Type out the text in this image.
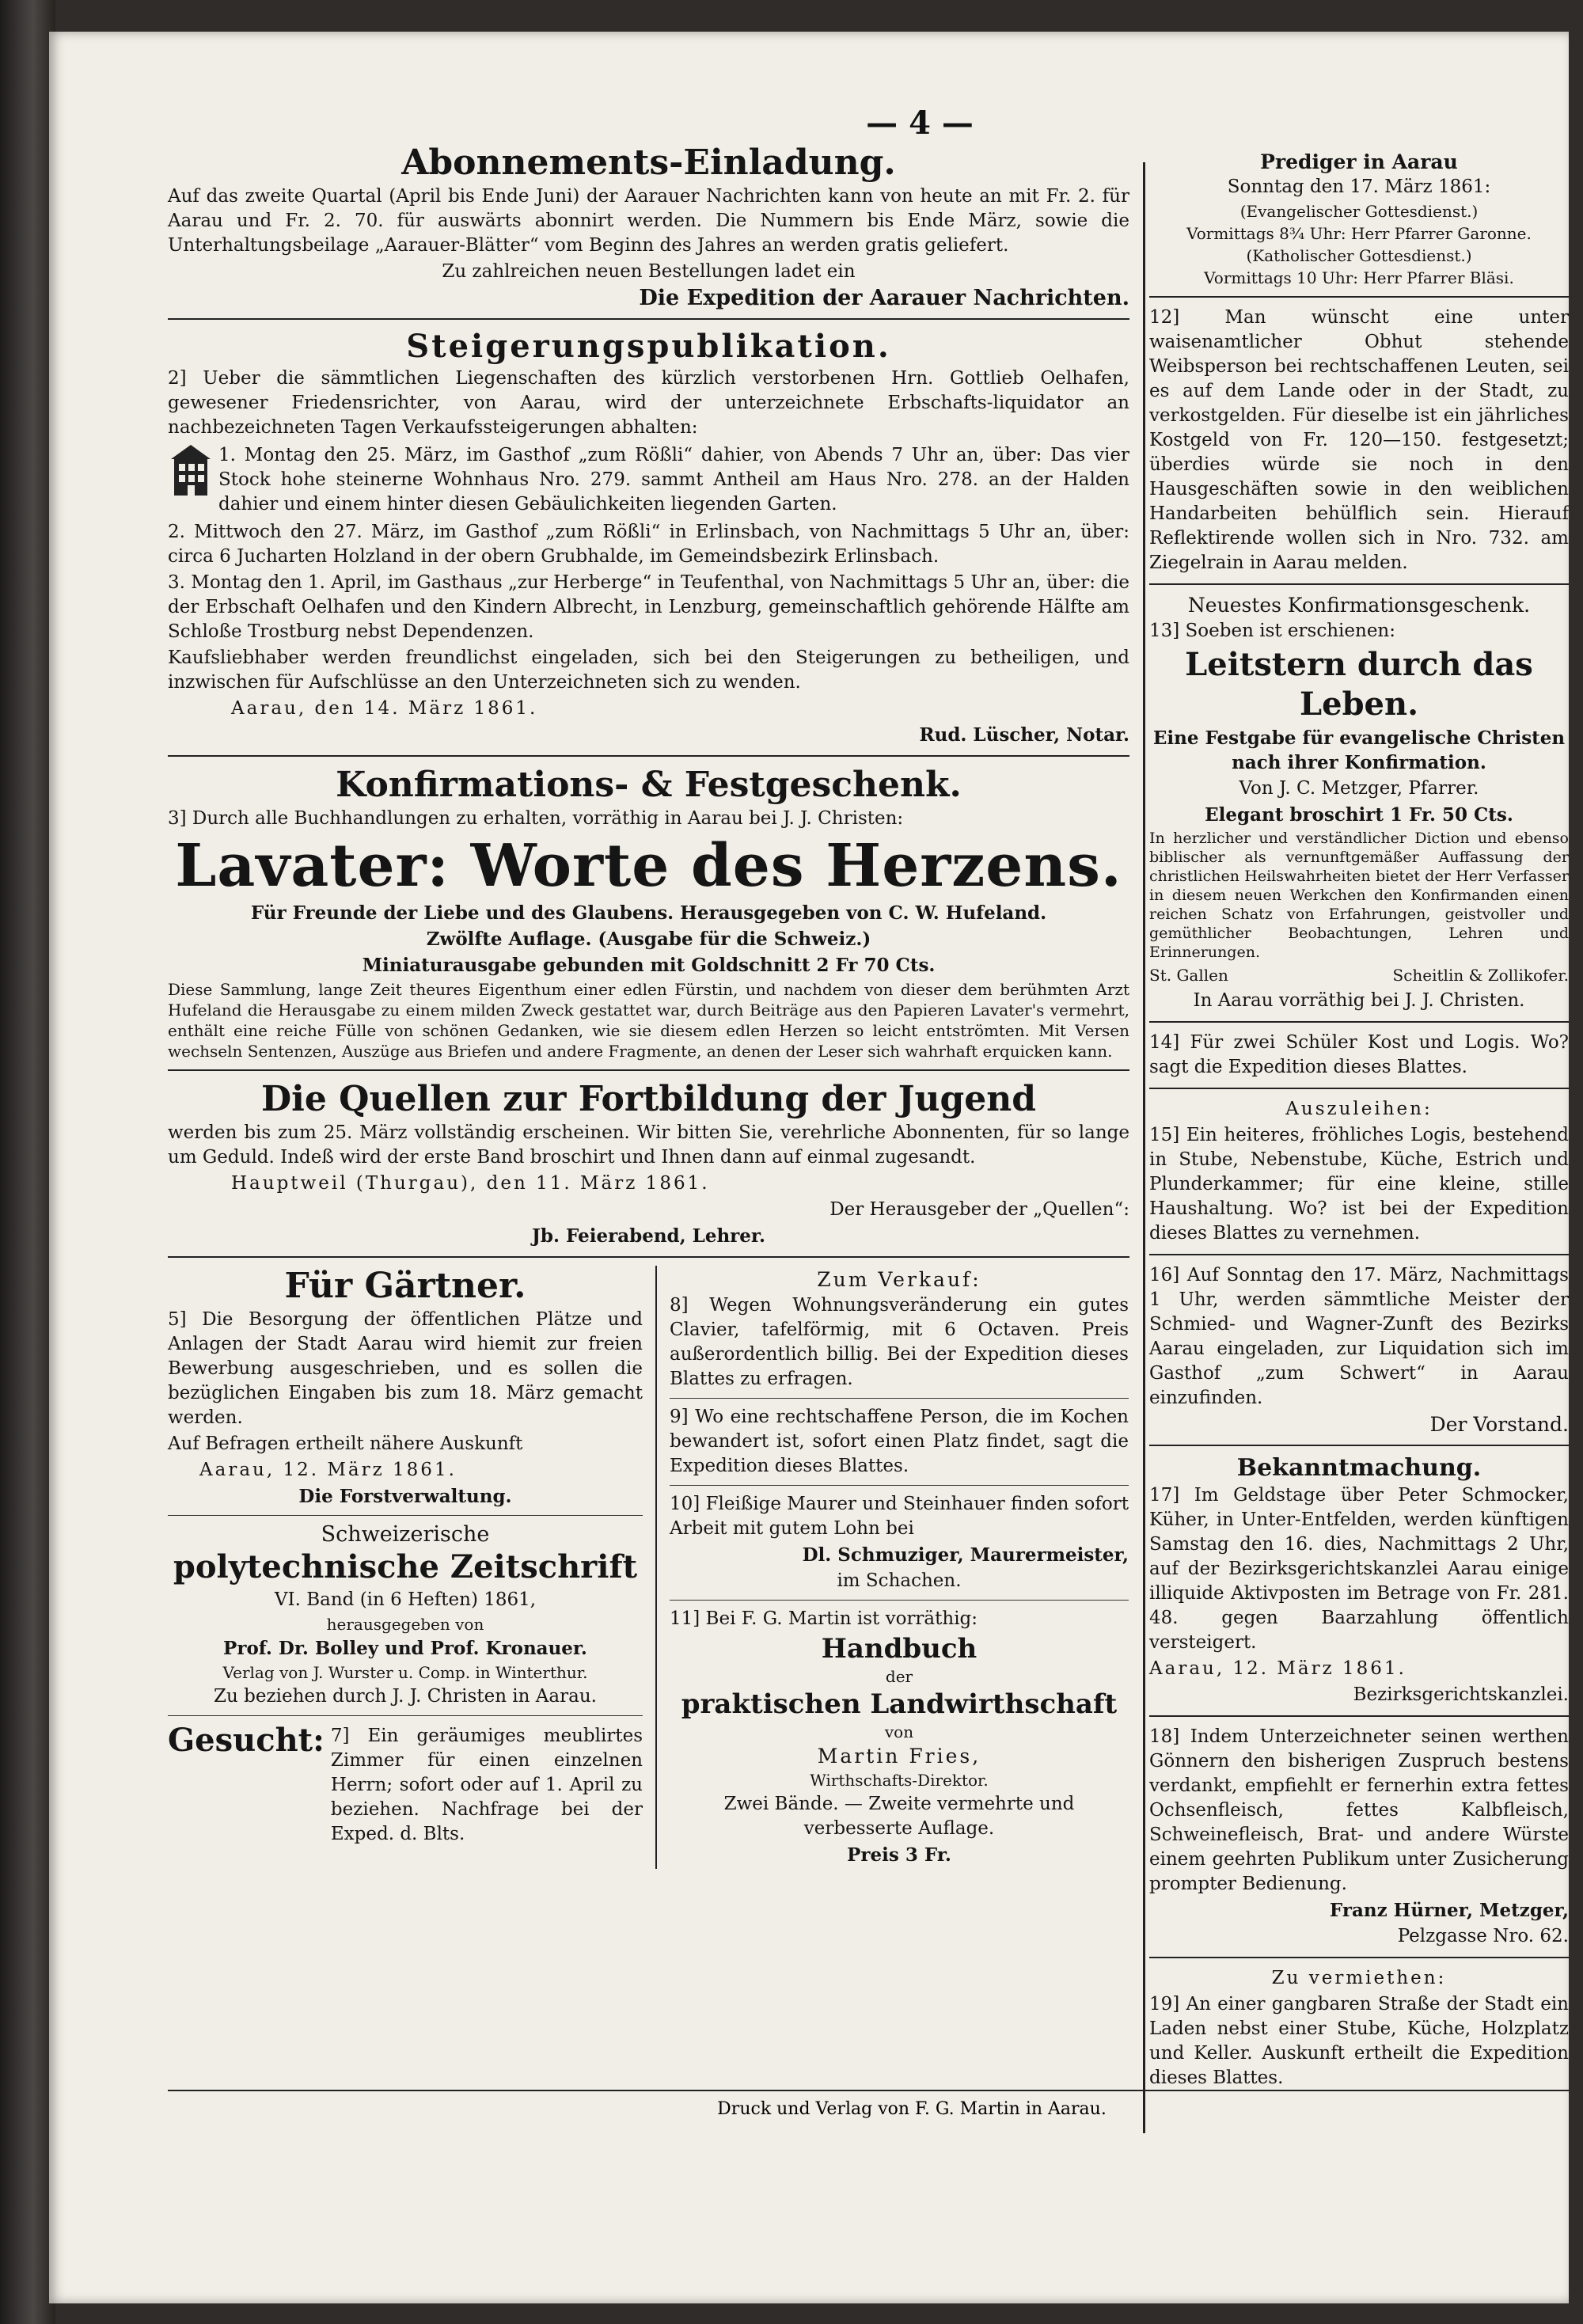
— 4 —
Abonnements-Einladung.

Auf das zweite Quartal (April bis Ende Juni) der Aarauer Nachrichten kann von heute an mit Fr. 2. für Aarau und Fr. 2. 70. für auswärts abonnirt werden. Die Nummern bis Ende März, sowie die Unterhaltungsbeilage „Aarauer-Blätter“ vom Beginn des Jahres an werden gratis geliefert.

Zu zahlreichen neuen Bestellungen ladet ein

Die Expedition der Aarauer Nachrichten.

Steigerungspublikation.

2] Ueber die sämmtlichen Liegenschaften des kürzlich verstorbenen Hrn. Gottlieb Oelhafen, gewesener Friedensrichter, von Aarau, wird der unterzeichnete Erbschafts-liquidator an nachbezeichneten Tagen Verkaufssteigerungen abhalten:

1. Montag den 25. März, im Gasthof „zum Rößli“ dahier, von Abends 7 Uhr an, über: Das vier Stock hohe steinerne Wohnhaus Nro. 279. sammt Antheil am Haus Nro. 278. an der Halden dahier und einem hinter diesen Gebäulichkeiten liegenden Garten.

2. Mittwoch den 27. März, im Gasthof „zum Rößli“ in Erlinsbach, von Nachmittags 5 Uhr an, über: circa 6 Jucharten Holzland in der obern Grubhalde, im Gemeindsbezirk Erlinsbach.

3. Montag den 1. April, im Gasthaus „zur Herberge“ in Teufenthal, von Nachmittags 5 Uhr an, über: die der Erbschaft Oelhafen und den Kindern Albrecht, in Lenzburg, gemeinschaftlich gehörende Hälfte am Schloße Trostburg nebst Dependenzen.

Kaufsliebhaber werden freundlichst eingeladen, sich bei den Steigerungen zu betheiligen, und inzwischen für Aufschlüsse an den Unterzeichneten sich zu wenden.

Aarau, den 14. März 1861.

Rud. Lüscher, Notar.

Konfirmations- & Festgeschenk.

3] Durch alle Buchhandlungen zu erhalten, vorräthig in Aarau bei J. J. Christen:

Lavater: Worte des Herzens.

Für Freunde der Liebe und des Glaubens. Herausgegeben von C. W. Hufeland.

Zwölfte Auflage. (Ausgabe für die Schweiz.)

Miniaturausgabe gebunden mit Goldschnitt 2 Fr 70 Cts.

Diese Sammlung, lange Zeit theures Eigenthum einer edlen Fürstin, und nachdem von dieser dem berühmten Arzt Hufeland die Herausgabe zu einem milden Zweck gestattet war, durch Beiträge aus den Papieren Lavater's vermehrt, enthält eine reiche Fülle von schönen Gedanken, wie sie diesem edlen Herzen so leicht entströmten. Mit Versen wechseln Sentenzen, Auszüge aus Briefen und andere Fragmente, an denen der Leser sich wahrhaft erquicken kann.

Die Quellen zur Fortbildung der Jugend

werden bis zum 25. März vollständig erscheinen. Wir bitten Sie, verehrliche Abonnenten, für so lange um Geduld. Indeß wird der erste Band broschirt und Ihnen dann auf einmal zugesandt.

Hauptweil (Thurgau), den 11. März 1861.

Der Herausgeber der „Quellen“:

Jb. Feierabend, Lehrer.

Für Gärtner.

5] Die Besorgung der öffentlichen Plätze und Anlagen der Stadt Aarau wird hiemit zur freien Bewerbung ausgeschrieben, und es sollen die bezüglichen Eingaben bis zum 18. März gemacht werden.

Auf Befragen ertheilt nähere Auskunft

Aarau, 12. März 1861.

Die Forstverwaltung.

Schweizerische

polytechnische Zeitschrift

VI. Band (in 6 Heften) 1861,

herausgegeben von

Prof. Dr. Bolley und Prof. Kronauer.

Verlag von J. Wurster u. Comp. in Winterthur.

Zu beziehen durch J. J. Christen in Aarau.

Gesucht: 7] Ein geräumiges meublirtes Zimmer für einen einzelnen Herrn; sofort oder auf 1. April zu beziehen. Nachfrage bei der Exped. d. Blts.

Zum Verkauf:

8] Wegen Wohnungsveränderung ein gutes Clavier, tafelförmig, mit 6 Octaven. Preis außerordentlich billig. Bei der Expedition dieses Blattes zu erfragen.

9] Wo eine rechtschaffene Person, die im Kochen bewandert ist, sofort einen Platz findet, sagt die Expedition dieses Blattes.

10] Fleißige Maurer und Steinhauer finden sofort Arbeit mit gutem Lohn bei

Dl. Schmuziger, Maurermeister,

im Schachen.

11] Bei F. G. Martin ist vorräthig:

Handbuch

der

praktischen Landwirthschaft

von

Martin Fries,

Wirthschafts-Direktor.

Zwei Bände. — Zweite vermehrte und verbesserte Auflage.

Preis 3 Fr.

Prediger in Aarau

Sonntag den 17. März 1861:

(Evangelischer Gottesdienst.)

Vormittags 8¾ Uhr: Herr Pfarrer Garonne.

(Katholischer Gottesdienst.)

Vormittags 10 Uhr: Herr Pfarrer Bläsi.

12] Man wünscht eine unter waisenamtlicher Obhut stehende Weibsperson bei rechtschaffenen Leuten, sei es auf dem Lande oder in der Stadt, zu verkostgelden. Für dieselbe ist ein jährliches Kostgeld von Fr. 120—150. festgesetzt; überdies würde sie noch in den Hausgeschäften sowie in den weiblichen Handarbeiten behülflich sein. Hierauf Reflektirende wollen sich in Nro. 732. am Ziegelrain in Aarau melden.

Neuestes Konfirmationsgeschenk.

13] Soeben ist erschienen:

Leitstern durch das Leben.

Eine Festgabe für evangelische Christen nach ihrer Konfirmation.

Von J. C. Metzger, Pfarrer.

Elegant broschirt 1 Fr. 50 Cts.

In herzlicher und verständlicher Diction und ebenso biblischer als vernunftgemäßer Auffassung der christlichen Heilswahrheiten bietet der Herr Verfasser in diesem neuen Werkchen den Konfirmanden einen reichen Schatz von Erfahrungen, geistvoller und gemüthlicher Beobachtungen, Lehren und Erinnerungen.

St. Gallen	Scheitlin & Zollikofer.

In Aarau vorräthig bei J. J. Christen.

14] Für zwei Schüler Kost und Logis. Wo? sagt die Expedition dieses Blattes.

Auszuleihen:

15] Ein heiteres, fröhliches Logis, bestehend in Stube, Nebenstube, Küche, Estrich und Plunderkammer; für eine kleine, stille Haushaltung. Wo? ist bei der Expedition dieses Blattes zu vernehmen.

16] Auf Sonntag den 17. März, Nachmittags 1 Uhr, werden sämmtliche Meister der Schmied- und Wagner-Zunft des Bezirks Aarau eingeladen, zur Liquidation sich im Gasthof „zum Schwert“ in Aarau einzufinden.

Der Vorstand.

Bekanntmachung.

17] Im Geldstage über Peter Schmocker, Küher, in Unter-Entfelden, werden künftigen Samstag den 16. dies, Nachmittags 2 Uhr, auf der Bezirksgerichtskanzlei Aarau einige illiquide Aktivposten im Betrage von Fr. 281. 48. gegen Baarzahlung öffentlich versteigert.

Aarau, 12. März 1861.

Bezirksgerichtskanzlei.

18] Indem Unterzeichneter seinen werthen Gönnern den bisherigen Zuspruch bestens verdankt, empfiehlt er fernerhin extra fettes Ochsenfleisch, fettes Kalbfleisch, Schweinefleisch, Brat- und andere Würste einem geehrten Publikum unter Zusicherung prompter Bedienung.

Franz Hürner, Metzger,

Pelzgasse Nro. 62.

Zu vermiethen:

19] An einer gangbaren Straße der Stadt ein Laden nebst einer Stube, Küche, Holzplatz und Keller. Auskunft ertheilt die Expedition dieses Blattes.

Druck und Verlag von F. G. Martin in Aarau.
